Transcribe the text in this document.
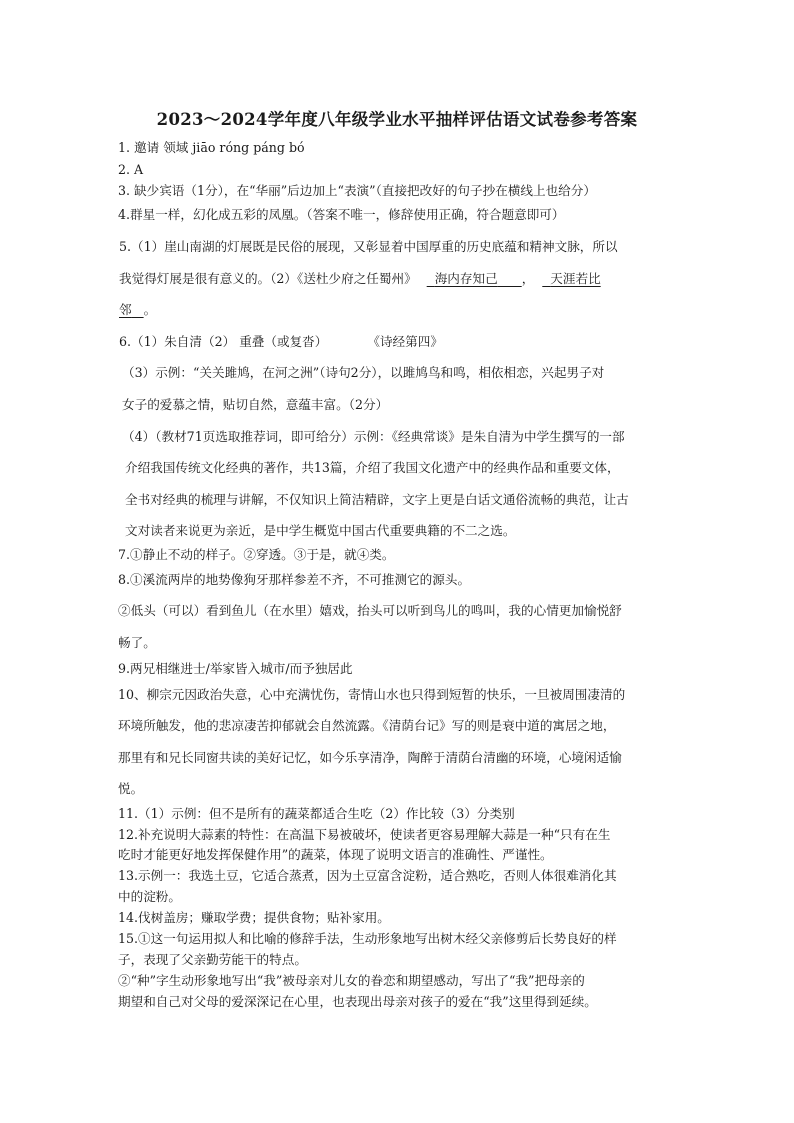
2023～2024学年度八年级学业水平抽样评估语文试卷参考答案
1. 邀请 领域 jiāo róng páng bó
2. A
3. 缺少宾语（1分），在“华丽”后边加上“表演”（直接把改好的句子抄在横线上也给分）
4.群星一样，幻化成五彩的凤凰。（答案不唯一，修辞使用正确，符合题意即可）
5.（1）崖山南湖的灯展既是民俗的展现，又彰显着中国厚重的历史底蕴和精神文脉，所以
我觉得灯展是很有意义的。（2）《送杜少府之任蜀州》 海内存知己 ， 天涯若比
邻 。
6.（1）朱自清（2） 重叠（或复沓）	《诗经第四》
（3）示例：“关关雎鸠，在河之洲”（诗句2分），以雎鸠鸟和鸣，相依相恋，兴起男子对
女子的爱慕之情，贴切自然，意蕴丰富。（2分）
（4）（教材71页选取推荐词，即可给分）示例：《经典常谈》是朱自清为中学生撰写的一部
介绍我国传统文化经典的著作，共13篇，介绍了我国文化遗产中的经典作品和重要文体，
全书对经典的梳理与讲解，不仅知识上简洁精辟，文字上更是白话文通俗流畅的典范，让古
文对读者来说更为亲近，是中学生概览中国古代重要典籍的不二之选。
7.①静止不动的样子。②穿透。③于是，就④类。
8.①溪流两岸的地势像狗牙那样参差不齐，不可推测它的源头。
②低头（可以）看到鱼儿（在水里）嬉戏，抬头可以听到鸟儿的鸣叫，我的心情更加愉悦舒
畅了。
9.两兄相继进士/举家皆入城市/而予独居此
10、柳宗元因政治失意，心中充满忧伤，寄情山水也只得到短暂的快乐，一旦被周围凄清的
环境所触发，他的悲凉凄苦抑郁就会自然流露。《清荫台记》写的则是衰中道的寓居之地，
那里有和兄长同窗共读的美好记忆，如今乐享清净，陶醉于清荫台清幽的环境，心境闲适愉
悦。
11.（1）示例：但不是所有的蔬菜都适合生吃（2）作比较（3）分类别
12.补充说明大蒜素的特性：在高温下易被破坏，使读者更容易理解大蒜是一种“只有在生
吃时才能更好地发挥保健作用”的蔬菜，体现了说明文语言的准确性、严谨性。
13.示例一：我选土豆，它适合蒸煮，因为土豆富含淀粉，适合熟吃，否则人体很难消化其
中的淀粉。
14.伐树盖房；赚取学费；提供食物；贴补家用。
15.①这一句运用拟人和比喻的修辞手法，生动形象地写出树木经父亲修剪后长势良好的样
子，表现了父亲勤劳能干的特点。
②“种”字生动形象地写出“我”被母亲对儿女的眷恋和期望感动，写出了“我”把母亲的
期望和自己对父母的爱深深记在心里，也表现出母亲对孩子的爱在“我”这里得到延续。
